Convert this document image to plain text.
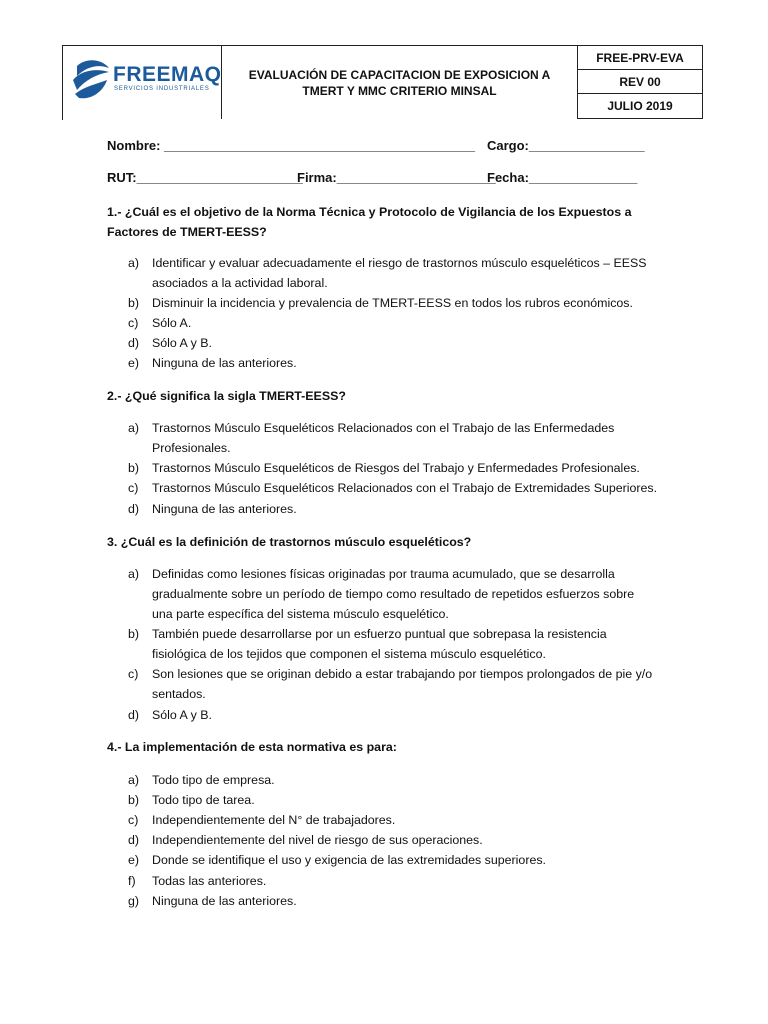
FREEMAQ
SERVICIOS INDUSTRIALES
EVALUACIÓN DE CAPACITACION DE EXPOSICION A TMERT Y MMC CRITERIO MINSAL
FREE-PRV-EVA
REV 00
JULIO 2019
Nombre: ___________________________________________ Cargo:________________
RUT:_______________________
Firma:______________________
Fecha:_______________
1.- ¿Cuál es el objetivo de la Norma Técnica y Protocolo de Vigilancia de los Expuestos a Factores de TMERT-EESS?
a)	Identificar y evaluar adecuadamente el riesgo de trastornos músculo esqueléticos – EESS asociados a la actividad laboral.
b)	Disminuir la incidencia y prevalencia de TMERT-EESS en todos los rubros económicos.
c)	Sólo A.
d)	Sólo A y B.
e)	Ninguna de las anteriores.
2.- ¿Qué significa la sigla TMERT-EESS?
a)	Trastornos Músculo Esqueléticos Relacionados con el Trabajo de las Enfermedades Profesionales.
b)	Trastornos Músculo Esqueléticos de Riesgos del Trabajo y Enfermedades Profesionales.
c)	Trastornos Músculo Esqueléticos Relacionados con el Trabajo de Extremidades Superiores.
d)	Ninguna de las anteriores.
3. ¿Cuál es la definición de trastornos músculo esqueléticos?
a)	Definidas como lesiones físicas originadas por trauma acumulado, que se desarrolla gradualmente sobre un período de tiempo como resultado de repetidos esfuerzos sobre una parte específica del sistema músculo esquelético.
b)	También puede desarrollarse por un esfuerzo puntual que sobrepasa la resistencia fisiológica de los tejidos que componen el sistema músculo esquelético.
c)	Son lesiones que se originan debido a estar trabajando por tiempos prolongados de pie y/o sentados.
d)	Sólo A y B.
4.- La implementación de esta normativa es para:
a)	Todo tipo de empresa.
b)	Todo tipo de tarea.
c)	Independientemente del N° de trabajadores.
d)	Independientemente del nivel de riesgo de sus operaciones.
e)	Donde se identifique el uso y exigencia de las extremidades superiores.
f)	Todas las anteriores.
g)	Ninguna de las anteriores.
